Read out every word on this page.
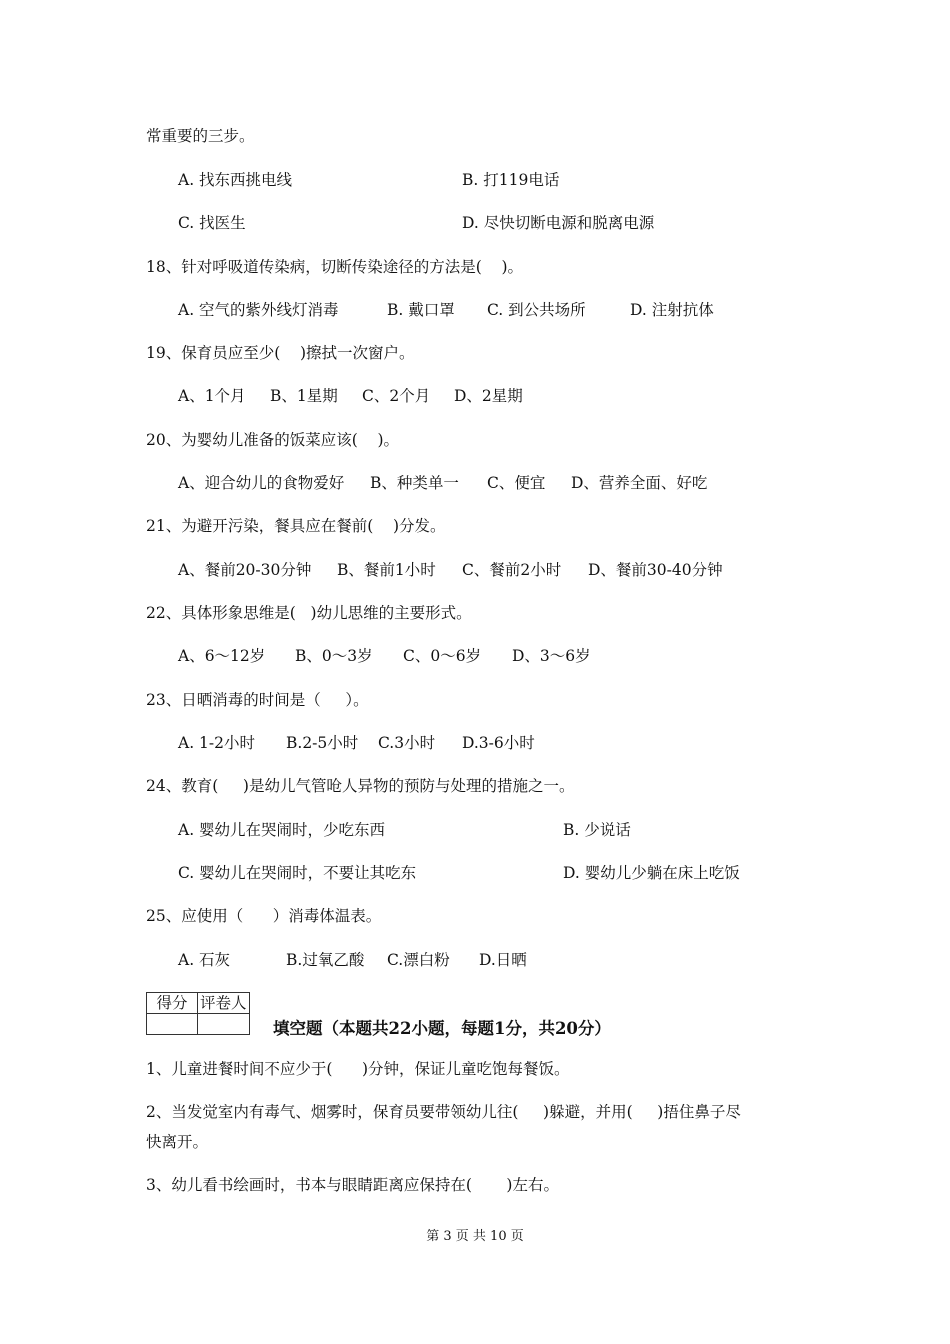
常重要的三步。
A. 找东西挑电线	B. 打119电话
C. 找医生	D. 尽快切断电源和脱离电源
18、针对呼吸道传染病，切断传染途径的方法是(    )。
A. 空气的紫外线灯消毒	B. 戴口罩 C. 到公共场所	D. 注射抗体
19、保育员应至少(    )擦拭一次窗户。
A、1个月 B、1星期 C、2个月 D、2星期
20、为婴幼儿准备的饭菜应该(    )。
A、迎合幼儿的食物爱好 B、种类单一 C、便宜 D、营养全面、好吃
21、为避开污染，餐具应在餐前(    )分发。
A、餐前20-30分钟 B、餐前1小时 C、餐前2小时 D、餐前30-40分钟
22、具体形象思维是(   )幼儿思维的主要形式。
A、6～12岁 B、0～3岁 C、0～6岁 D、3～6岁
23、日晒消毒的时间是（     ）。
A. 1-2小时 B.2-5小时 C.3小时 D.3-6小时
24、教育(     )是幼儿气管呛人异物的预防与处理的措施之一。
A. 婴幼儿在哭闹时，少吃东西	B. 少说话
C. 婴幼儿在哭闹时，不要让其吃东	D. 婴幼儿少躺在床上吃饭
25、应使用（      ）消毒体温表。
A. 石灰	B.过氧乙酸 C.漂白粉 D.日晒
得分	评卷人

填空题（本题共22小题，每题1分，共20分）
1、儿童进餐时间不应少于(      )分钟，保证儿童吃饱每餐饭。
2、当发觉室内有毒气、烟雾时，保育员要带领幼儿往(     )躲避，并用(     )捂住鼻子尽
快离开。
3、幼儿看书绘画时，书本与眼睛距离应保持在(       )左右。
第 3 页 共 10 页
